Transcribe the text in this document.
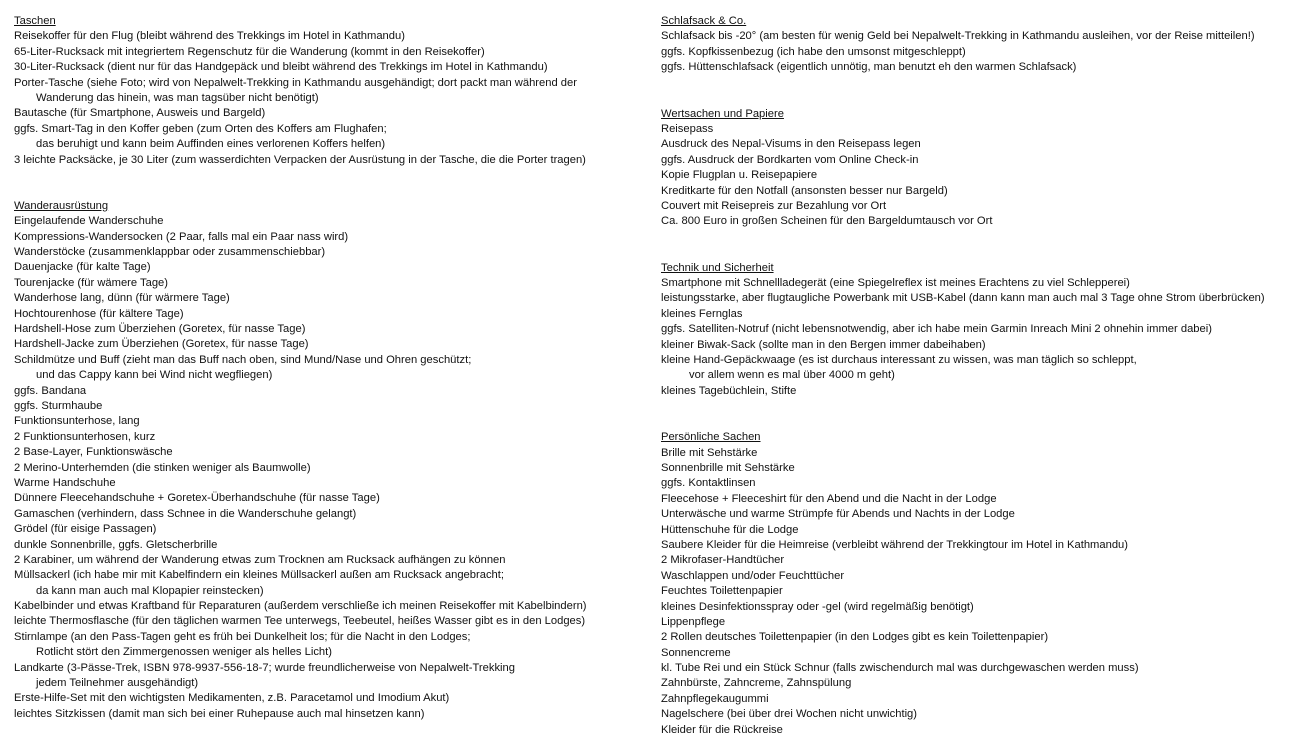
Taschen
Reisekoffer für den Flug (bleibt während des Trekkings im Hotel in Kathmandu)
65-Liter-Rucksack mit integriertem Regenschutz für die Wanderung (kommt in den Reisekoffer)
30-Liter-Rucksack (dient nur für das Handgepäck und bleibt während des Trekkings im Hotel in Kathmandu)
Porter-Tasche (siehe Foto; wird von Nepalwelt-Trekking in Kathmandu ausgehändigt; dort packt man während der
Wanderung das hinein, was man tagsüber nicht benötigt)
Bautasche (für Smartphone, Ausweis und Bargeld)
ggfs. Smart-Tag in den Koffer geben (zum Orten des Koffers am Flughafen;
das beruhigt und kann beim Auffinden eines verlorenen Koffers helfen)
3 leichte Packsäcke, je 30 Liter (zum wasserdichten Verpacken der Ausrüstung in der Tasche, die die Porter tragen)
Wanderausrüstung
Eingelaufende Wanderschuhe
Kompressions-Wandersocken (2 Paar, falls mal ein Paar nass wird)
Wanderstöcke (zusammenklappbar oder zusammenschiebbar)
Dauenjacke (für kalte Tage)
Tourenjacke (für wämere Tage)
Wanderhose lang, dünn (für wärmere Tage)
Hochtourenhose (für kältere Tage)
Hardshell-Hose zum Überziehen (Goretex, für nasse Tage)
Hardshell-Jacke zum Überziehen (Goretex, für nasse Tage)
Schildmütze und Buff (zieht man das Buff nach oben, sind Mund/Nase und Ohren geschützt;
und das Cappy kann bei Wind nicht wegfliegen)
ggfs. Bandana
ggfs. Sturmhaube
Funktionsunterhose, lang
2 Funktionsunterhosen, kurz
2 Base-Layer, Funktionswäsche
2 Merino-Unterhemden (die stinken weniger als Baumwolle)
Warme Handschuhe
Dünnere Fleecehandschuhe + Goretex-Überhandschuhe (für nasse Tage)
Gamaschen (verhindern, dass Schnee in die Wanderschuhe gelangt)
Grödel (für eisige Passagen)
dunkle Sonnenbrille, ggfs. Gletscherbrille
2 Karabiner, um während der Wanderung etwas zum Trocknen am Rucksack aufhängen zu können
Müllsackerl (ich habe mir mit Kabelfindern ein kleines Müllsackerl außen am Rucksack angebracht;
da kann man auch mal Klopapier reinstecken)
Kabelbinder und etwas Kraftband für Reparaturen (außerdem verschließe ich meinen Reisekoffer mit Kabelbindern)
leichte Thermosflasche (für den täglichen warmen Tee unterwegs, Teebeutel, heißes Wasser gibt es in den Lodges)
Stirnlampe (an den Pass-Tagen geht es früh bei Dunkelheit los; für die Nacht in den Lodges;
Rotlicht stört den Zimmergenossen weniger als helles Licht)
Landkarte (3-Pässe-Trek, ISBN 978-9937-556-18-7; wurde freundlicherweise von Nepalwelt-Trekking
jedem Teilnehmer ausgehändigt)
Erste-Hilfe-Set mit den wichtigsten Medikamenten, z.B. Paracetamol und Imodium Akut)
leichtes Sitzkissen (damit man sich bei einer Ruhepause auch mal hinsetzen kann)
Schlafsack & Co.
Schlafsack bis -20° (am besten für wenig Geld bei Nepalwelt-Trekking in Kathmandu ausleihen, vor der Reise mitteilen!)
ggfs. Kopfkissenbezug (ich habe den umsonst mitgeschleppt)
ggfs. Hüttenschlafsack (eigentlich unnötig, man benutzt eh den warmen Schlafsack)
Wertsachen und Papiere
Reisepass
Ausdruck des Nepal-Visums in den Reisepass legen
ggfs. Ausdruck der Bordkarten vom Online Check-in
Kopie Flugplan u. Reisepapiere
Kreditkarte für den Notfall (ansonsten besser nur Bargeld)
Couvert mit Reisepreis zur Bezahlung vor Ort
Ca. 800 Euro in großen Scheinen für den Bargeldumtausch vor Ort
Technik und Sicherheit
Smartphone mit Schnellladegerät (eine Spiegelreflex ist meines Erachtens zu viel Schlepperei)
leistungsstarke, aber flugtaugliche Powerbank mit USB-Kabel (dann kann man auch mal 3 Tage ohne Strom überbrücken)
kleines Fernglas
ggfs. Satelliten-Notruf (nicht lebensnotwendig, aber ich habe mein Garmin Inreach Mini 2 ohnehin immer dabei)
kleiner Biwak-Sack (sollte man in den Bergen immer dabeihaben)
kleine Hand-Gepäckwaage (es ist durchaus interessant zu wissen, was man täglich so schleppt,
vor allem wenn es mal über 4000 m geht)
kleines Tagebüchlein, Stifte
Persönliche Sachen
Brille mit Sehstärke
Sonnenbrille mit Sehstärke
ggfs. Kontaktlinsen
Fleecehose + Fleeceshirt für den Abend und die Nacht in der Lodge
Unterwäsche und warme Strümpfe für Abends und Nachts in der Lodge
Hüttenschuhe für die Lodge
Saubere Kleider für die Heimreise (verbleibt während der Trekkingtour im Hotel in Kathmandu)
2 Mikrofaser-Handtücher
Waschlappen und/oder Feuchttücher
Feuchtes Toilettenpapier
kleines Desinfektionsspray oder -gel (wird regelmäßig benötigt)
Lippenpflege
2 Rollen deutsches Toilettenpapier (in den Lodges gibt es kein Toilettenpapier)
Sonnencreme
kl. Tube Rei und ein Stück Schnur (falls zwischendurch mal was durchgewaschen werden muss)
Zahnbürste, Zahncreme, Zahnspülung
Zahnpflegekaugummi
Nagelschere (bei über drei Wochen nicht unwichtig)
Kleider für die Rückreise
